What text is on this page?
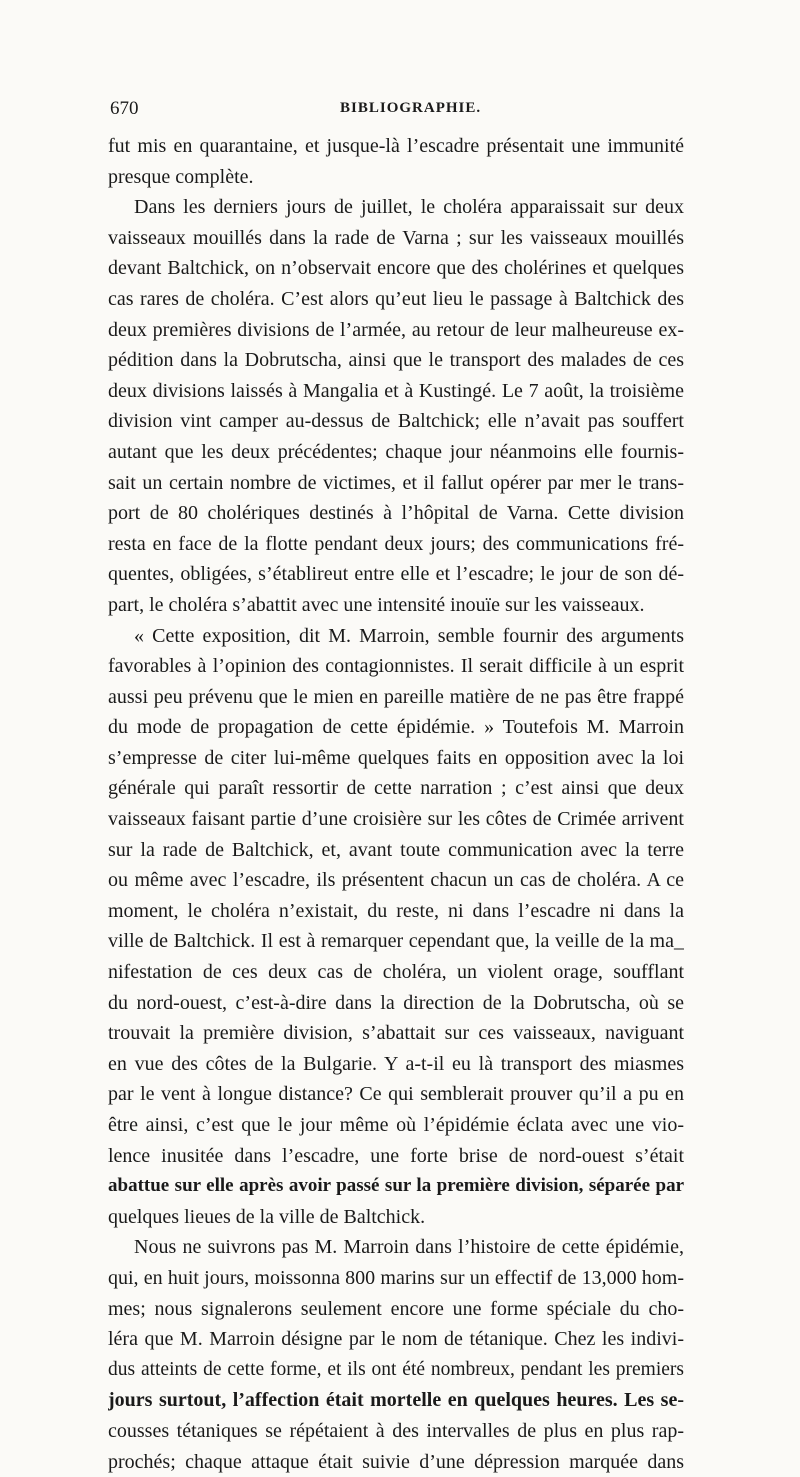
670	BIBLIOGRAPHIE.
fut mis en quarantaine, et jusque-là l’escadre présentait une immunité
presque complète.
Dans les derniers jours de juillet, le choléra apparaissait sur deux
vaisseaux mouillés dans la rade de Varna ; sur les vaisseaux mouillés
devant Baltchick, on n’observait encore que des cholérines et quelques
cas rares de choléra. C’est alors qu’eut lieu le passage à Baltchick des
deux premières divisions de l’armée, au retour de leur malheureuse ex-
pédition dans la Dobrutscha, ainsi que le transport des malades de ces
deux divisions laissés à Mangalia et à Kustingé. Le 7 août, la troisième
division vint camper au-dessus de Baltchick; elle n’avait pas souffert
autant que les deux précédentes; chaque jour néanmoins elle fournis-
sait un certain nombre de victimes, et il fallut opérer par mer le trans-
port de 80 cholériques destinés à l’hôpital de Varna. Cette division
resta en face de la flotte pendant deux jours; des communications fré-
quentes, obligées, s’établireut entre elle et l’escadre; le jour de son dé-
part, le choléra s’abattit avec une intensité inouïe sur les vaisseaux.
« Cette exposition, dit M. Marroin, semble fournir des arguments
favorables à l’opinion des contagionnistes. Il serait difficile à un esprit
aussi peu prévenu que le mien en pareille matière de ne pas être frappé
du mode de propagation de cette épidémie. » Toutefois M. Marroin
s’empresse de citer lui-même quelques faits en opposition avec la loi
générale qui paraît ressortir de cette narration ; c’est ainsi que deux
vaisseaux faisant partie d’une croisière sur les côtes de Crimée arrivent
sur la rade de Baltchick, et, avant toute communication avec la terre
ou même avec l’escadre, ils présentent chacun un cas de choléra. A ce
moment, le choléra n’existait, du reste, ni dans l’escadre ni dans la
ville de Baltchick. Il est à remarquer cependant que, la veille de la ma_
nifestation de ces deux cas de choléra, un violent orage, soufflant
du nord-ouest, c’est-à-dire dans la direction de la Dobrutscha, où se
trouvait la première division, s’abattait sur ces vaisseaux, naviguant
en vue des côtes de la Bulgarie. Y a-t-il eu là transport des miasmes
par le vent à longue distance? Ce qui semblerait prouver qu’il a pu en
être ainsi, c’est que le jour même où l’épidémie éclata avec une vio-
lence inusitée dans l’escadre, une forte brise de nord-ouest s’était
abattue sur elle après avoir passé sur la première division, séparée par
quelques lieues de la ville de Baltchick.
Nous ne suivrons pas M. Marroin dans l’histoire de cette épidémie,
qui, en huit jours, moissonna 800 marins sur un effectif de 13,000 hom-
mes; nous signalerons seulement encore une forme spéciale du cho-
léra que M. Marroin désigne par le nom de tétanique. Chez les indivi-
dus atteints de cette forme, et ils ont été nombreux, pendant les premiers
jours surtout, l’affection était mortelle en quelques heures. Les se-
cousses tétaniques se répétaient à des intervalles de plus en plus rap-
prochés; chaque attaque était suivie d’une dépression marquée dans
